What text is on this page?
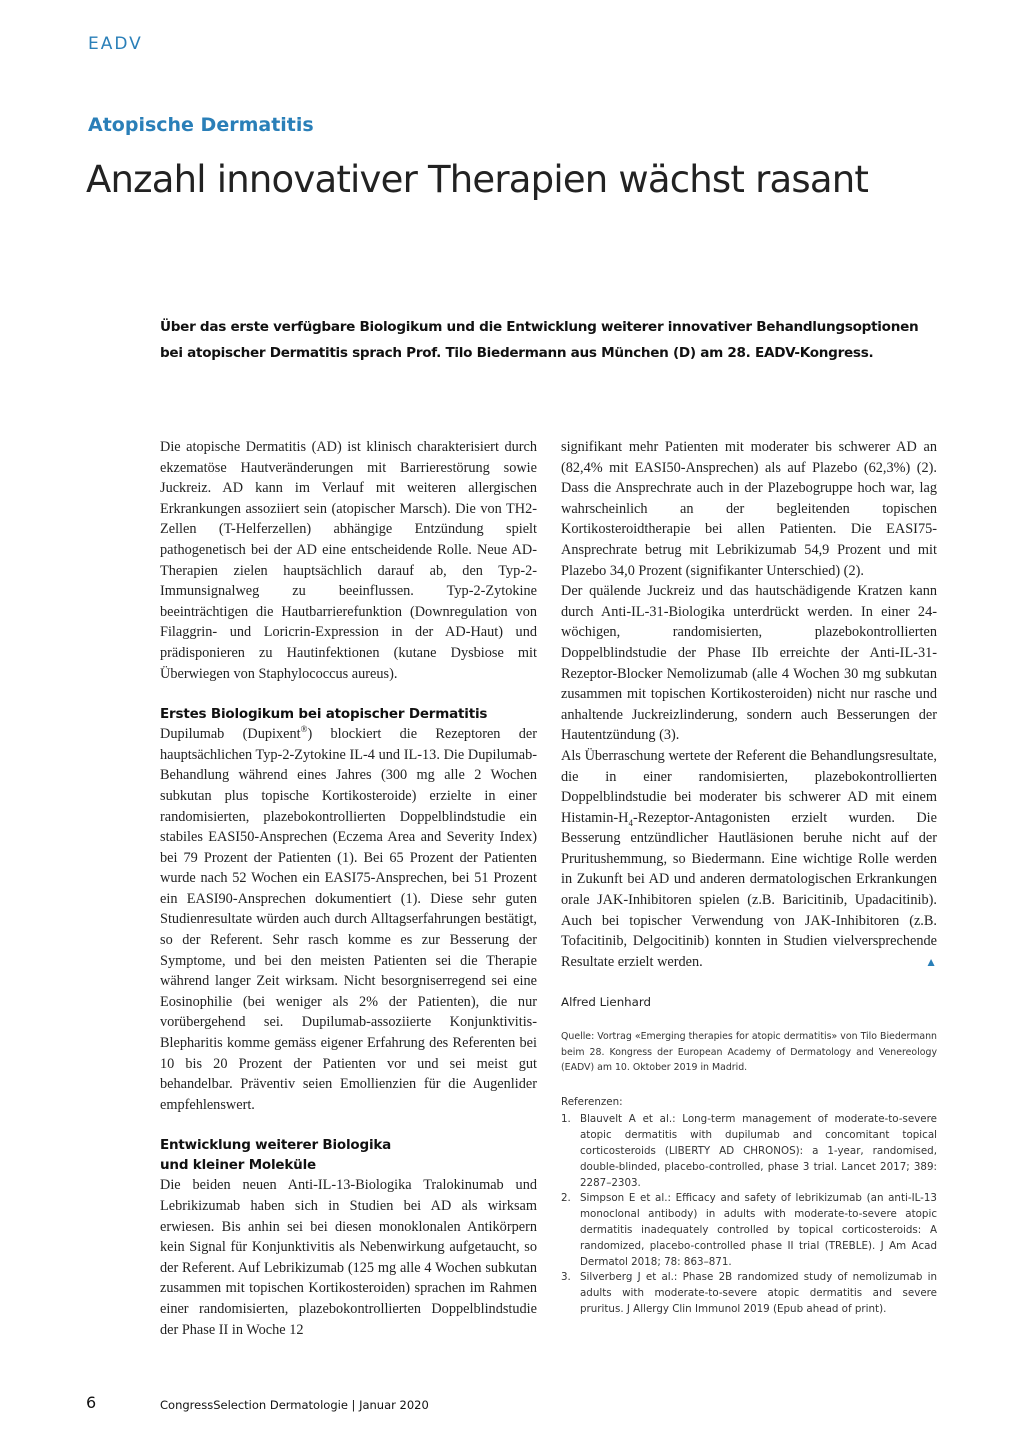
EADV
Atopische Dermatitis
Anzahl innovativer Therapien wächst rasant
Über das erste verfügbare Biologikum und die Entwicklung weiterer innovativer Behandlungsoptionen bei atopischer Dermatitis sprach Prof. Tilo Biedermann aus München (D) am 28. EADV-Kongress.

Die atopische Dermatitis (AD) ist klinisch charakterisiert durch ekzematöse Hautveränderungen mit Barrierestörung sowie Juckreiz. AD kann im Verlauf mit weiteren allergischen Erkrankungen assoziiert sein (atopischer Marsch). Die von TH2-Zellen (T-Helferzellen) abhängige Entzündung spielt pathogenetisch bei der AD eine entscheidende Rolle. Neue AD-Therapien zielen hauptsächlich darauf ab, den Typ-2-Immunsignalweg zu beeinflussen. Typ-2-Zytokine beeinträchtigen die Hautbarrierefunktion (Downregulation von Filaggrin- und Loricrin-Expression in der AD-Haut) und prädisponieren zu Hautinfektionen (kutane Dysbiose mit Überwiegen von Staphylococcus aureus).

Erstes Biologikum bei atopischer Dermatitis

Dupilumab (Dupixent®) blockiert die Rezeptoren der hauptsächlichen Typ-2-Zytokine IL-4 und IL-13. Die Dupilumab-Behandlung während eines Jahres (300 mg alle 2 Wochen subkutan plus topische Kortikosteroide) erzielte in einer randomisierten, plazebokontrollierten Doppelblindstudie ein stabiles EASI50-Ansprechen (Eczema Area and Severity Index) bei 79 Prozent der Patienten (1). Bei 65 Prozent der Patienten wurde nach 52 Wochen ein EASI75-Ansprechen, bei 51 Prozent ein EASI90-Ansprechen dokumentiert (1). Diese sehr guten Studienresultate würden auch durch Alltagserfahrungen bestätigt, so der Referent. Sehr rasch komme es zur Besserung der Symptome, und bei den meisten Patienten sei die Therapie während langer Zeit wirksam. Nicht besorgniserregend sei eine Eosinophilie (bei weniger als 2% der Patienten), die nur vorübergehend sei. Dupilumab-assoziierte Konjunktivitis-Blepharitis komme gemäss eigener Erfahrung des Referenten bei 10 bis 20 Prozent der Patienten vor und sei meist gut behandelbar. Präventiv seien Emollienzien für die Augenlider empfehlenswert.

Entwicklung weiterer Biologika
und kleiner Moleküle

Die beiden neuen Anti-IL-13-Biologika Tralokinumab und Lebrikizumab haben sich in Studien bei AD als wirksam erwiesen. Bis anhin sei bei diesen monoklonalen Antikörpern kein Signal für Konjunktivitis als Nebenwirkung aufgetaucht, so der Referent. Auf Lebrikizumab (125 mg alle 4 Wochen subkutan zusammen mit topischen Kortikosteroiden) sprachen im Rahmen einer randomisierten, plazebokontrollierten Doppelblindstudie der Phase II in Woche 12

signifikant mehr Patienten mit moderater bis schwerer AD an (82,4% mit EASI50-Ansprechen) als auf Plazebo (62,3%) (2). Dass die Ansprechrate auch in der Plazebogruppe hoch war, lag wahrscheinlich an der begleitenden topischen Kortikosteroidtherapie bei allen Patienten. Die EASI75-Ansprechrate betrug mit Lebrikizumab 54,9 Prozent und mit Plazebo 34,0 Prozent (signifikanter Unterschied) (2).

Der quälende Juckreiz und das hautschädigende Kratzen kann durch Anti-IL-31-Biologika unterdrückt werden. In einer 24-wöchigen, randomisierten, plazebokontrollierten Doppelblindstudie der Phase IIb erreichte der Anti-IL-31-Rezeptor-Blocker Nemolizumab (alle 4 Wochen 30 mg subkutan zusammen mit topischen Kortikosteroiden) nicht nur rasche und anhaltende Juckreizlinderung, sondern auch Besserungen der Hautentzündung (3).

Als Überraschung wertete der Referent die Behandlungsresultate, die in einer randomisierten, plazebokontrollierten Doppelblindstudie bei moderater bis schwerer AD mit einem Histamin-$H_4-Rezeptor$-Antagonisten erzielt wurden. Die Besserung entzündlicher Hautläsionen beruhe nicht auf der Pruritushemmung, so Biedermann. Eine wichtige Rolle werden in Zukunft bei AD und anderen dermatologischen Erkrankungen orale JAK-Inhibitoren spielen (z.B. Baricitinib, Upadacitinib). Auch bei topischer Verwendung von JAK-Inhibitoren (z.B. Tofacitinib, Delgocitinib) konnten in Studien vielversprechende Resultate erzielt werden.	▲

Alfred Lienhard
Quelle: Vortrag «Emerging therapies for atopic dermatitis» von Tilo Biedermann beim 28. Kongress der European Academy of Dermatology and Venereology (EADV) am 10. Oktober 2019 in Madrid.
Referenzen:
1. Blauvelt A et al.: Long-term management of moderate-to-severe atopic dermatitis with dupilumab and concomitant topical corticosteroids (LIBERTY AD CHRONOS): a 1-year, randomised, double-blinded, placebo-controlled, phase 3 trial. Lancet 2017; 389: 2287–2303.
2. Simpson E et al.: Efficacy and safety of lebrikizumab (an anti-IL-13 monoclonal antibody) in adults with moderate-to-severe atopic dermatitis inadequately controlled by topical corticosteroids: A randomized, placebo-controlled phase II trial (TREBLE). J Am Acad Dermatol 2018; 78: 863–871.
3. Silverberg J et al.: Phase 2B randomized study of nemolizumab in adults with moderate-to-severe atopic dermatitis and severe pruritus. J Allergy Clin Immunol 2019 (Epub ahead of print).
6	CongressSelection Dermatologie | Januar 2020
